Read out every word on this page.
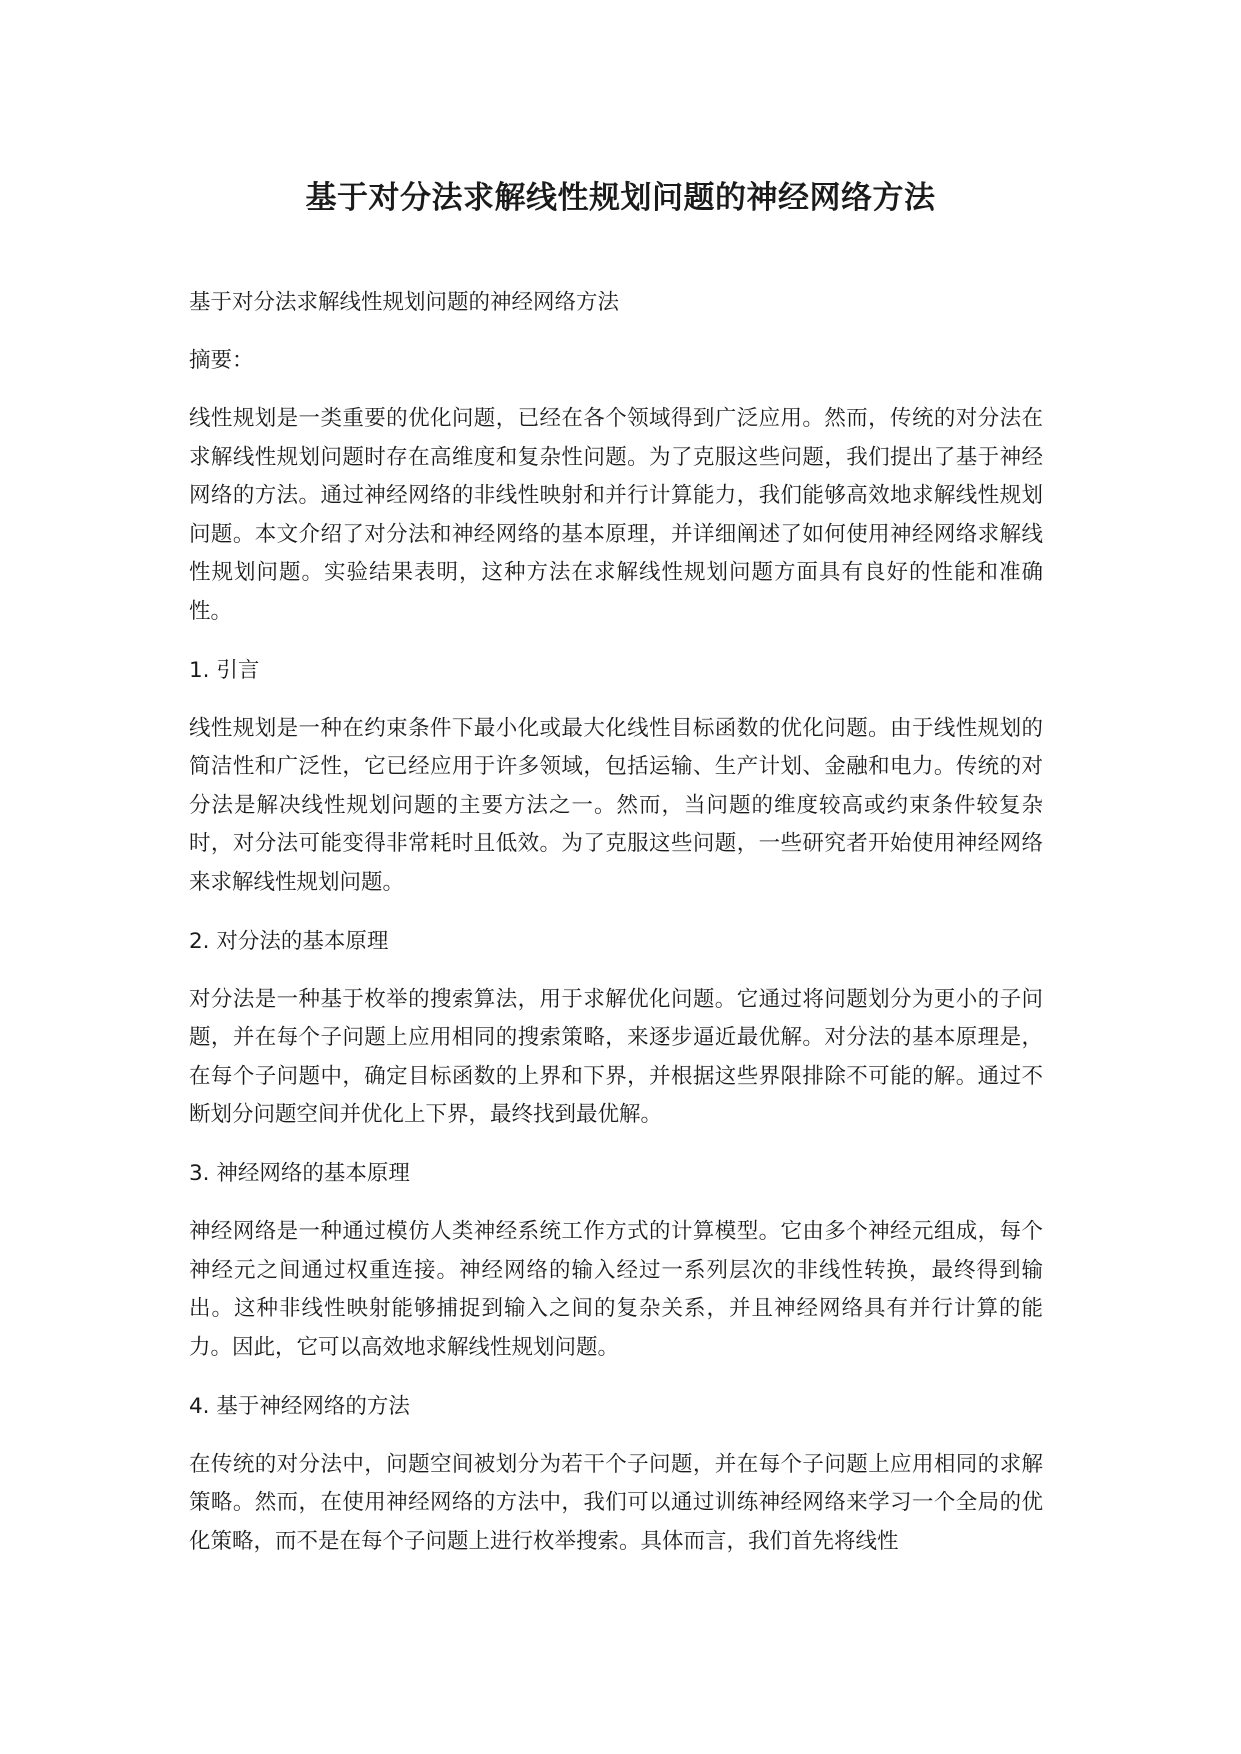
基于对分法求解线性规划问题的神经网络方法

基于对分法求解线性规划问题的神经网络方法

摘要：

线性规划是一类重要的优化问题，已经在各个领域得到广泛应用。然而，传统的对分法在求解线性规划问题时存在高维度和复杂性问题。为了克服这些问题，我们提出了基于神经网络的方法。通过神经网络的非线性映射和并行计算能力，我们能够高效地求解线性规划问题。本文介绍了对分法和神经网络的基本原理，并详细阐述了如何使用神经网络求解线性规划问题。实验结果表明，这种方法在求解线性规划问题方面具有良好的性能和准确性。

1. 引言

线性规划是一种在约束条件下最小化或最大化线性目标函数的优化问题。由于线性规划的简洁性和广泛性，它已经应用于许多领域，包括运输、生产计划、金融和电力。传统的对分法是解决线性规划问题的主要方法之一。然而，当问题的维度较高或约束条件较复杂时，对分法可能变得非常耗时且低效。为了克服这些问题，一些研究者开始使用神经网络来求解线性规划问题。

2. 对分法的基本原理

对分法是一种基于枚举的搜索算法，用于求解优化问题。它通过将问题划分为更小的子问题，并在每个子问题上应用相同的搜索策略，来逐步逼近最优解。对分法的基本原理是，在每个子问题中，确定目标函数的上界和下界，并根据这些界限排除不可能的解。通过不断划分问题空间并优化上下界，最终找到最优解。

3. 神经网络的基本原理

神经网络是一种通过模仿人类神经系统工作方式的计算模型。它由多个神经元组成，每个神经元之间通过权重连接。神经网络的输入经过一系列层次的非线性转换，最终得到输出。这种非线性映射能够捕捉到输入之间的复杂关系，并且神经网络具有并行计算的能力。因此，它可以高效地求解线性规划问题。

4. 基于神经网络的方法

在传统的对分法中，问题空间被划分为若干个子问题，并在每个子问题上应用相同的求解策略。然而，在使用神经网络的方法中，我们可以通过训练神经网络来学习一个全局的优化策略，而不是在每个子问题上进行枚举搜索。具体而言，我们首先将线性
